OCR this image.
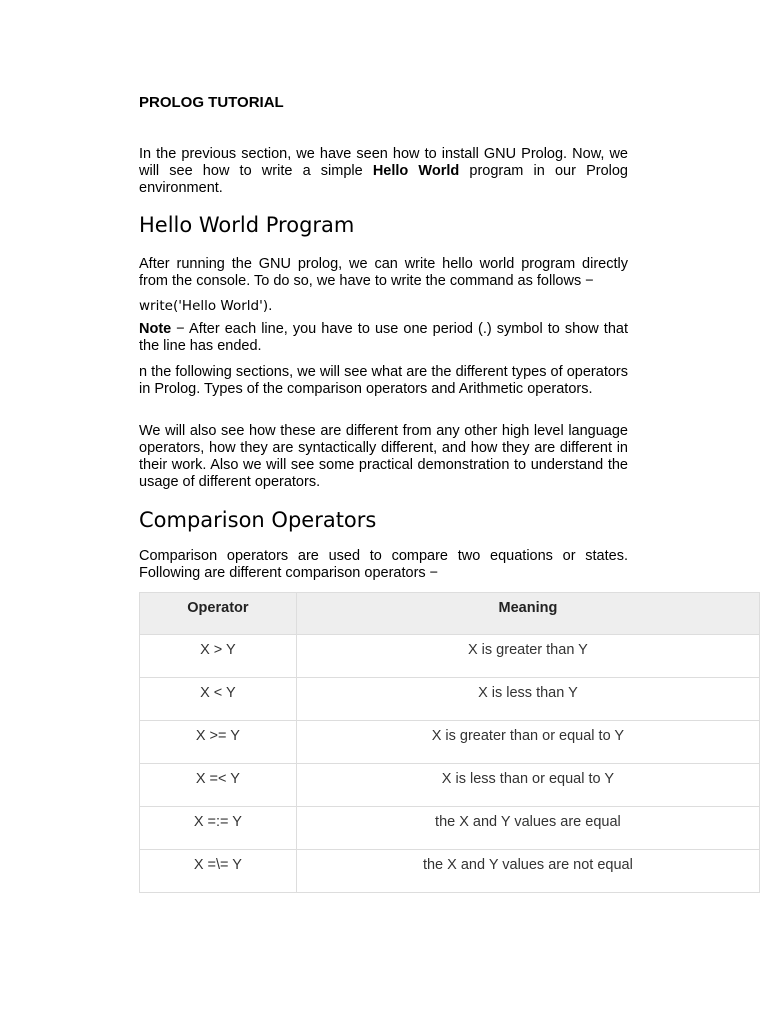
PROLOG TUTORIAL

In the previous section, we have seen how to install GNU Prolog. Now, we will see how to write a simple Hello World program in our Prolog environment.

Hello World Program

After running the GNU prolog, we can write hello world program directly from the console. To do so, we have to write the command as follows −

write('Hello World').

Note − After each line, you have to use one period (.) symbol to show that the line has ended.

n the following sections, we will see what are the different types of operators in Prolog. Types of the comparison operators and Arithmetic operators.

We will also see how these are different from any other high level language operators, how they are syntactically different, and how they are different in their work. Also we will see some practical demonstration to understand the usage of different operators.

Comparison Operators

Comparison operators are used to compare two equations or states. Following are different comparison operators −

Operator	Meaning
X > Y	X is greater than Y
X < Y	X is less than Y
X >= Y	X is greater than or equal to Y
X =< Y	X is less than or equal to Y
X =:= Y	the X and Y values are equal
X =\= Y	the X and Y values are not equal
